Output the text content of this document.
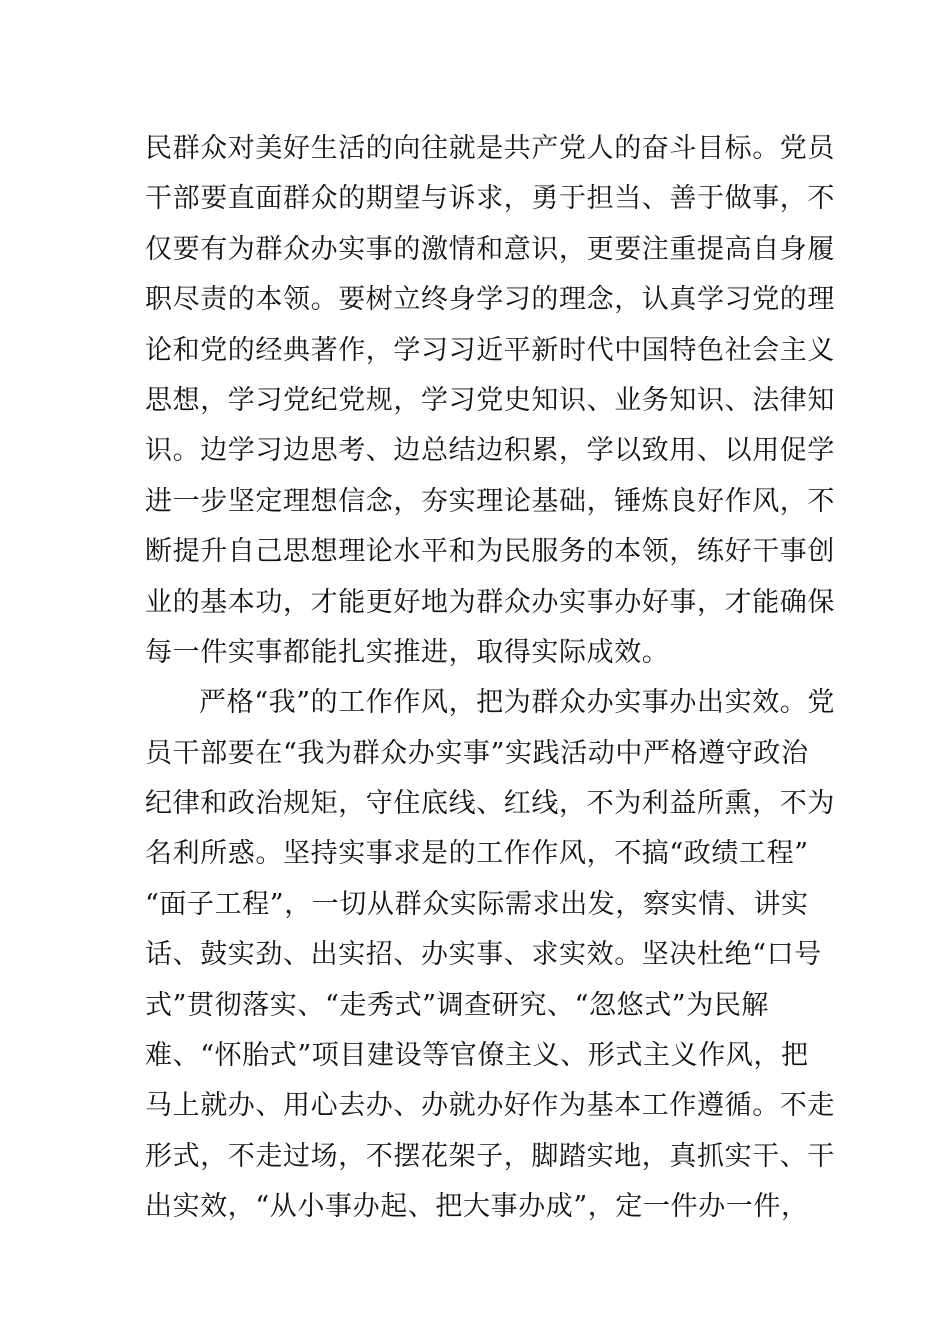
民群众对美好生活的向往就是共产党人的奋斗目标。党员
干部要直面群众的期望与诉求，勇于担当、善于做事，不
仅要有为群众办实事的激情和意识，更要注重提高自身履
职尽责的本领。要树立终身学习的理念，认真学习党的理
论和党的经典著作，学习习近平新时代中国特色社会主义
思想，学习党纪党规，学习党史知识、业务知识、法律知
识。边学习边思考、边总结边积累，学以致用、以用促学
进一步坚定理想信念，夯实理论基础，锤炼良好作风，不
断提升自己思想理论水平和为民服务的本领，练好干事创
业的基本功，才能更好地为群众办实事办好事，才能确保
每一件实事都能扎实推进，取得实际成效。
严格“我”的工作作风，把为群众办实事办出实效。党
员干部要在“我为群众办实事”实践活动中严格遵守政治
纪律和政治规矩，守住底线、红线，不为利益所熏，不为
名利所惑。坚持实事求是的工作作风，不搞“政绩工程”
“面子工程”，一切从群众实际需求出发，察实情、讲实
话、鼓实劲、出实招、办实事、求实效。坚决杜绝“口号
式”贯彻落实、“走秀式”调查研究、“忽悠式”为民解
难、“怀胎式”项目建设等官僚主义、形式主义作风，把
马上就办、用心去办、办就办好作为基本工作遵循。不走
形式，不走过场，不摆花架子，脚踏实地，真抓实干、干
出实效，“从小事办起、把大事办成”，定一件办一件，
